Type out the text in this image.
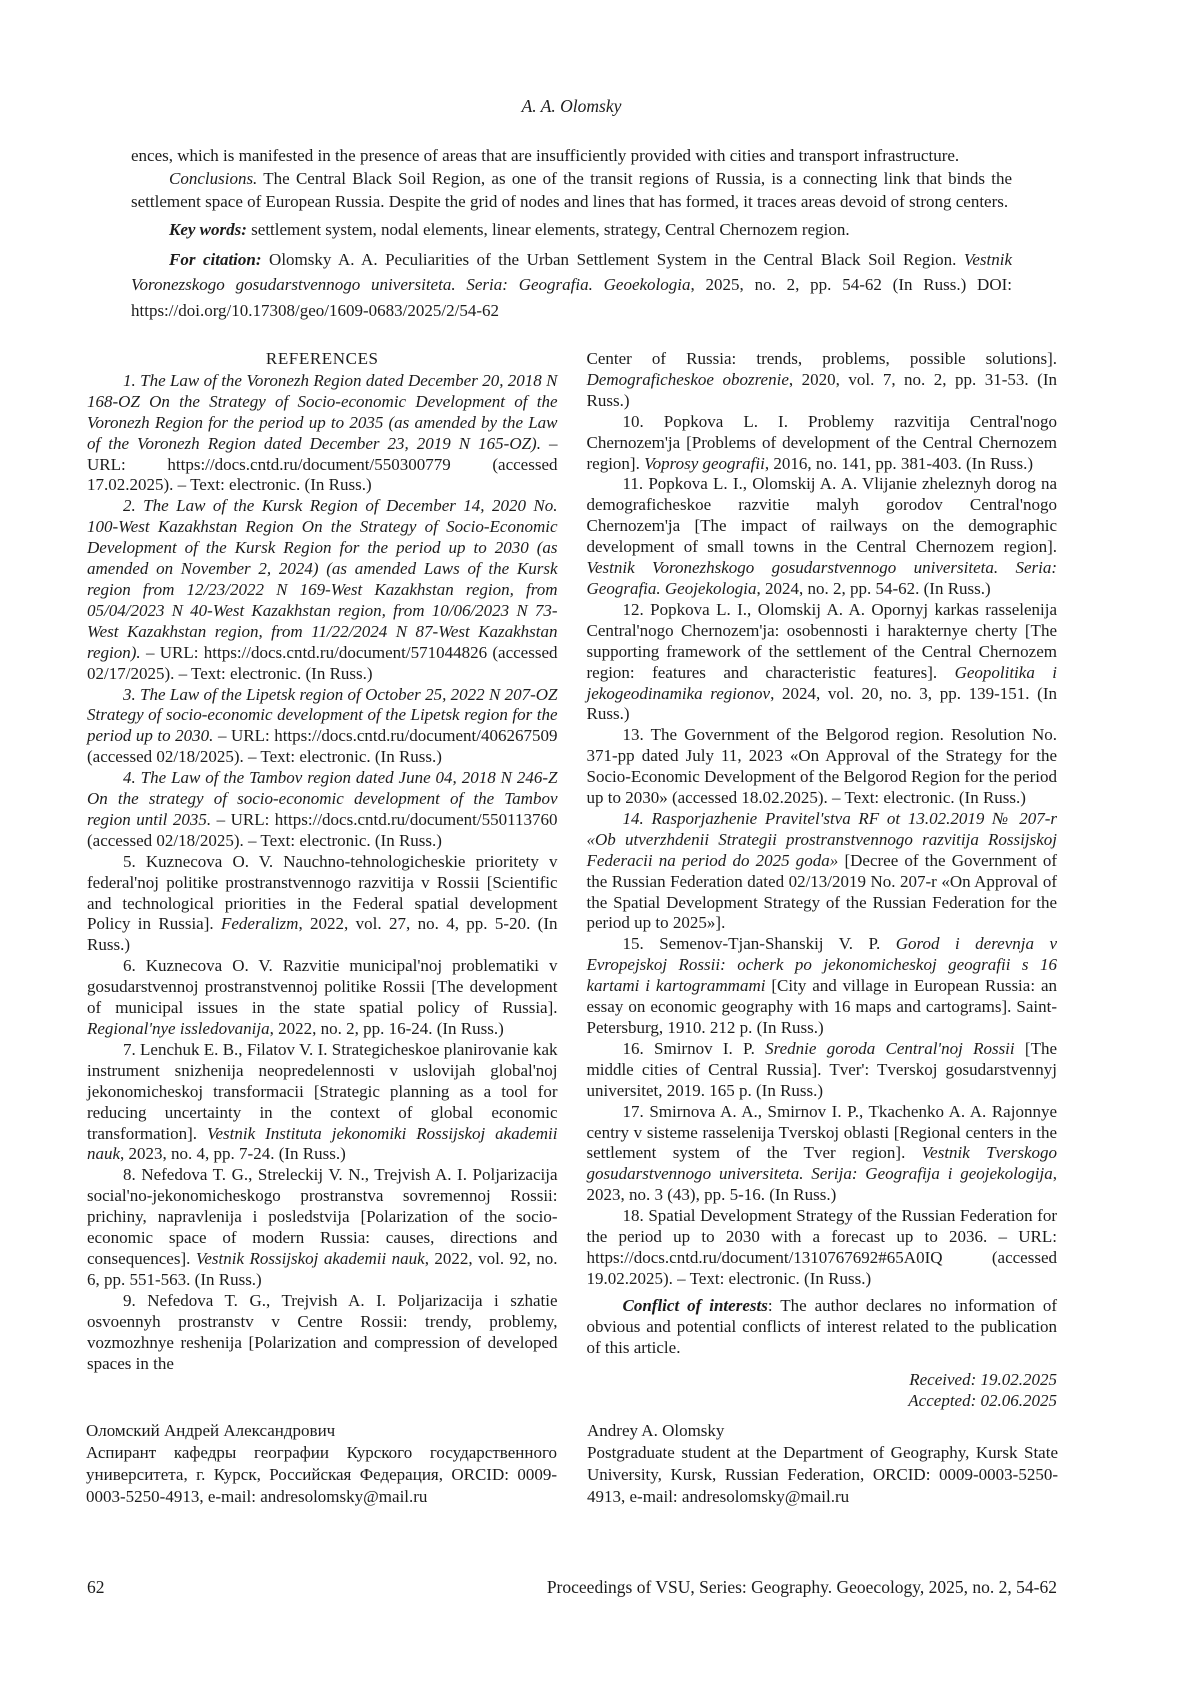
A. A. Olomsky

ences, which is manifested in the presence of areas that are insufficiently provided with cities and transport infrastructure.

Conclusions. The Central Black Soil Region, as one of the transit regions of Russia, is a connecting link that binds the settlement space of European Russia. Despite the grid of nodes and lines that has formed, it traces areas devoid of strong centers.

Key words: settlement system, nodal elements, linear elements, strategy, Central Chernozem region.

For citation: Olomsky A. A. Peculiarities of the Urban Settlement System in the Central Black Soil Region. Vestnik Voronezskogo gosudarstvennogo universiteta. Seria: Geografia. Geoekologia, 2025, no. 2, pp. 54-62 (In Russ.) DOI: https://doi.org/10.17308/geo/1609-0683/2025/2/54-62

REFERENCES

1. The Law of the Voronezh Region dated December 20, 2018 N 168-OZ On the Strategy of Socio-economic Development of the Voronezh Region for the period up to 2035 (as amended by the Law of the Voronezh Region dated December 23, 2019 N 165-OZ). – URL: https://docs.cntd.ru/document/550300779 (accessed 17.02.2025). – Text: electronic. (In Russ.)

2. The Law of the Kursk Region of December 14, 2020 No. 100-West Kazakhstan Region On the Strategy of Socio-Economic Development of the Kursk Region for the period up to 2030 (as amended on November 2, 2024) (as amended Laws of the Kursk region from 12/23/2022 N 169-West Kazakhstan region, from 05/04/2023 N 40-West Kazakhstan region, from 10/06/2023 N 73-West Kazakhstan region, from 11/22/2024 N 87-West Kazakhstan region). – URL: https://docs.cntd.ru/document/571044826 (accessed 02/17/2025). – Text: electronic. (In Russ.)

3. The Law of the Lipetsk region of October 25, 2022 N 207-OZ Strategy of socio-economic development of the Lipetsk region for the period up to 2030. – URL: https://docs.cntd.ru/document/406267509 (accessed 02/18/2025). – Text: electronic. (In Russ.)

4. The Law of the Tambov region dated June 04, 2018 N 246-Z On the strategy of socio-economic development of the Tambov region until 2035. – URL: https://docs.cntd.ru/document/550113760 (accessed 02/18/2025). – Text: electronic. (In Russ.)

5. Kuznecova O. V. Nauchno-tehnologicheskie prioritety v federal'noj politike prostranstvennogo razvitija v Rossii [Scientific and technological priorities in the Federal spatial development Policy in Russia]. Federalizm, 2022, vol. 27, no. 4, pp. 5-20. (In Russ.)

6. Kuznecova O. V. Razvitie municipal'noj problematiki v gosudarstvennoj prostranstvennoj politike Rossii [The development of municipal issues in the state spatial policy of Russia]. Regional'nye issledovanija, 2022, no. 2, pp. 16-24. (In Russ.)

7. Lenchuk E. B., Filatov V. I. Strategicheskoe planirovanie kak instrument snizhenija neopredelennosti v uslovijah global'noj jekonomicheskoj transformacii [Strategic planning as a tool for reducing uncertainty in the context of global economic transformation]. Vestnik Instituta jekonomiki Rossijskoj akademii nauk, 2023, no. 4, pp. 7-24. (In Russ.)

8. Nefedova T. G., Streleckij V. N., Trejvish A. I. Poljarizacija social'no-jekonomicheskogo prostranstva sovremennoj Rossii: prichiny, napravlenija i posledstvija [Polarization of the socio-economic space of modern Russia: causes, directions and consequences]. Vestnik Rossijskoj akademii nauk, 2022, vol. 92, no. 6, pp. 551-563. (In Russ.)

9. Nefedova T. G., Trejvish A. I. Poljarizacija i szhatie osvoennyh prostranstv v Centre Rossii: trendy, problemy, vozmozhnye reshenija [Polarization and compression of developed spaces in the

Center of Russia: trends, problems, possible solutions]. Demograficheskoe obozrenie, 2020, vol. 7, no. 2, pp. 31-53. (In Russ.)

10. Popkova L. I. Problemy razvitija Central'nogo Chernozem'ja [Problems of development of the Central Chernozem region]. Voprosy geografii, 2016, no. 141, pp. 381-403. (In Russ.)

11. Popkova L. I., Olomskij A. A. Vlijanie zheleznyh dorog na demograficheskoe razvitie malyh gorodov Central'nogo Chernozem'ja [The impact of railways on the demographic development of small towns in the Central Chernozem region]. Vestnik Voronezhskogo gosudarstvennogo universiteta. Seria: Geografia. Geojekologia, 2024, no. 2, pp. 54-62. (In Russ.)

12. Popkova L. I., Olomskij A. A. Opornyj karkas rasselenija Central'nogo Chernozem'ja: osobennosti i harakternye cherty [The supporting framework of the settlement of the Central Chernozem region: features and characteristic features]. Geopolitika i jekogeodinamika regionov, 2024, vol. 20, no. 3, pp. 139-151. (In Russ.)

13. The Government of the Belgorod region. Resolution No. 371-pp dated July 11, 2023 «On Approval of the Strategy for the Socio-Economic Development of the Belgorod Region for the period up to 2030» (accessed 18.02.2025). – Text: electronic. (In Russ.)

14. Rasporjazhenie Pravitel'stva RF ot 13.02.2019 № 207-r «Ob utverzhdenii Strategii prostranstvennogo razvitija Rossijskoj Federacii na period do 2025 goda» [Decree of the Government of the Russian Federation dated 02/13/2019 No. 207-r «On Approval of the Spatial Development Strategy of the Russian Federation for the period up to 2025»].

15. Semenov-Tjan-Shanskij V. P. Gorod i derevnja v Evropejskoj Rossii: ocherk po jekonomicheskoj geografii s 16 kartami i kartogrammami [City and village in European Russia: an essay on economic geography with 16 maps and cartograms]. Saint-Petersburg, 1910. 212 p. (In Russ.)

16. Smirnov I. P. Srednie goroda Central'noj Rossii [The middle cities of Central Russia]. Tver': Tverskoj gosudarstvennyj universitet, 2019. 165 p. (In Russ.)

17. Smirnova A. A., Smirnov I. P., Tkachenko A. A. Rajonnye centry v sisteme rasselenija Tverskoj oblasti [Regional centers in the settlement system of the Tver region]. Vestnik Tverskogo gosudarstvennogo universiteta. Serija: Geografija i geojekologija, 2023, no. 3 (43), pp. 5-16. (In Russ.)

18. Spatial Development Strategy of the Russian Federation for the period up to 2030 with a forecast up to 2036. – URL: https://docs.cntd.ru/document/1310767692#65A0IQ (accessed 19.02.2025). – Text: electronic. (In Russ.)

Conflict of interests: The author declares no information of obvious and potential conflicts of interest related to the publication of this article.

Received: 19.02.2025
Accepted: 02.06.2025
Оломский Андрей Александрович
Аспирант кафедры географии Курского государственного университета, г. Курск, Российская Федерация, ORCID: 0009-0003-5250-4913, e-mail: andresolomsky@mail.ru
Andrey A. Olomsky
Postgraduate student at the Department of Geography, Kursk State University, Kursk, Russian Federation, ORCID: 0009-0003-5250-4913, e-mail: andresolomsky@mail.ru
62	Proceedings of VSU, Series: Geography. Geoecology, 2025, no. 2, 54-62
